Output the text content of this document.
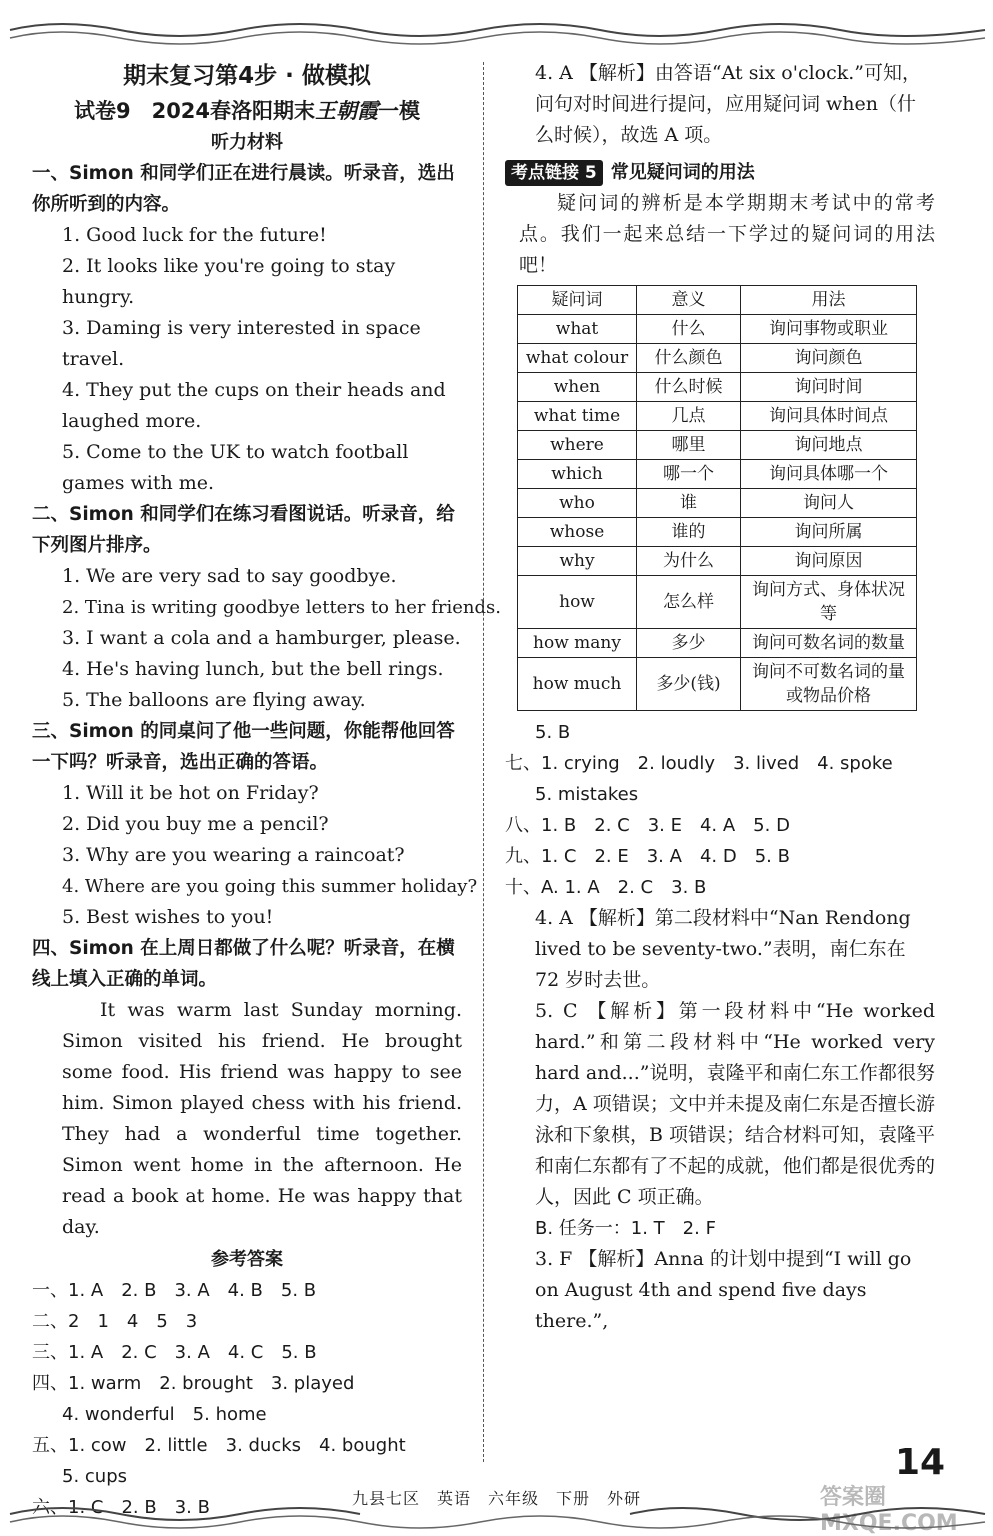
期末复习第4步 · 做模拟
试卷9　2024春洛阳期末王朝霞一模
听力材料
一、Simon 和同学们正在进行晨读。听录音，选出你所听到的内容。
1. Good luck for the future!
2. It looks like you're going to stay hungry.
3. Daming is very interested in space travel.
4. They put the cups on their heads and laughed more.
5. Come to the UK to watch football games with me.
二、Simon 和同学们在练习看图说话。听录音，给下列图片排序。
1. We are very sad to say goodbye.
2. Tina is writing goodbye letters to her friends.
3. I want a cola and a hamburger, please.
4. He's having lunch, but the bell rings.
5. The balloons are flying away.
三、Simon 的同桌问了他一些问题，你能帮他回答一下吗？听录音，选出正确的答语。
1. Will it be hot on Friday?
2. Did you buy me a pencil?
3. Why are you wearing a raincoat?
4. Where are you going this summer holiday?
5. Best wishes to you!
四、Simon 在上周日都做了什么呢？听录音，在横线上填入正确的单词。
It was warm last Sunday morning. Simon visited his friend. He brought some food. His friend was happy to see him. Simon played chess with his friend. They had a wonderful time together. Simon went home in the afternoon. He read a book at home. He was happy that day.
参考答案
一、1. A　2. B　3. A　4. B　5. B
二、2　1　4　5　3
三、1. A　2. C　3. A　4. C　5. B
四、1. warm　2. brought　3. played
4. wonderful　5. home
五、1. cow　2. little　3. ducks　4. bought
5. cups
六、1. C　2. B　3. B
4. A 【解析】由答语“At six o'clock.”可知，问句对时间进行提问，应用疑问词 when（什么时候），故选 A 项。
考点链接 5 常见疑问词的用法
疑问词的辨析是本学期期末考试中的常考点。我们一起来总结一下学过的疑问词的用法吧！
疑问词	意义	用法
what	什么	询问事物或职业
what colour	什么颜色	询问颜色
when	什么时候	询问时间
what time	几点	询问具体时间点
where	哪里	询问地点
which	哪一个	询问具体哪一个
who	谁	询问人
whose	谁的	询问所属
why	为什么	询问原因
how	怎么样	询问方式、身体状况等
how many	多少	询问可数名词的数量
how much	多少(钱)	询问不可数名词的量或物品价格
5. B
七、1. crying　2. loudly　3. lived　4. spoke
5. mistakes
八、1. B　2. C　3. E　4. A　5. D
九、1. C　2. E　3. A　4. D　5. B
十、A. 1. A　2. C　3. B
4. A 【解析】第二段材料中“Nan Rendong lived to be seventy-two.”表明，南仁东在 72 岁时去世。
5. C 【解析】第一段材料中“He worked hard.”和第二段材料中“He worked very hard and...”说明，袁隆平和南仁东工作都很努力，A 项错误；文中并未提及南仁东是否擅长游泳和下象棋，B 项错误；结合材料可知，袁隆平和南仁东都有了不起的成就，他们都是很优秀的人，因此 C 项正确。
B. 任务一：1. T　2. F
3. F 【解析】Anna 的计划中提到“I will go on August 4th and spend five days there.”,
14
九县七区　英语　六年级　下册　外研	答案圈 MXQE.COM
